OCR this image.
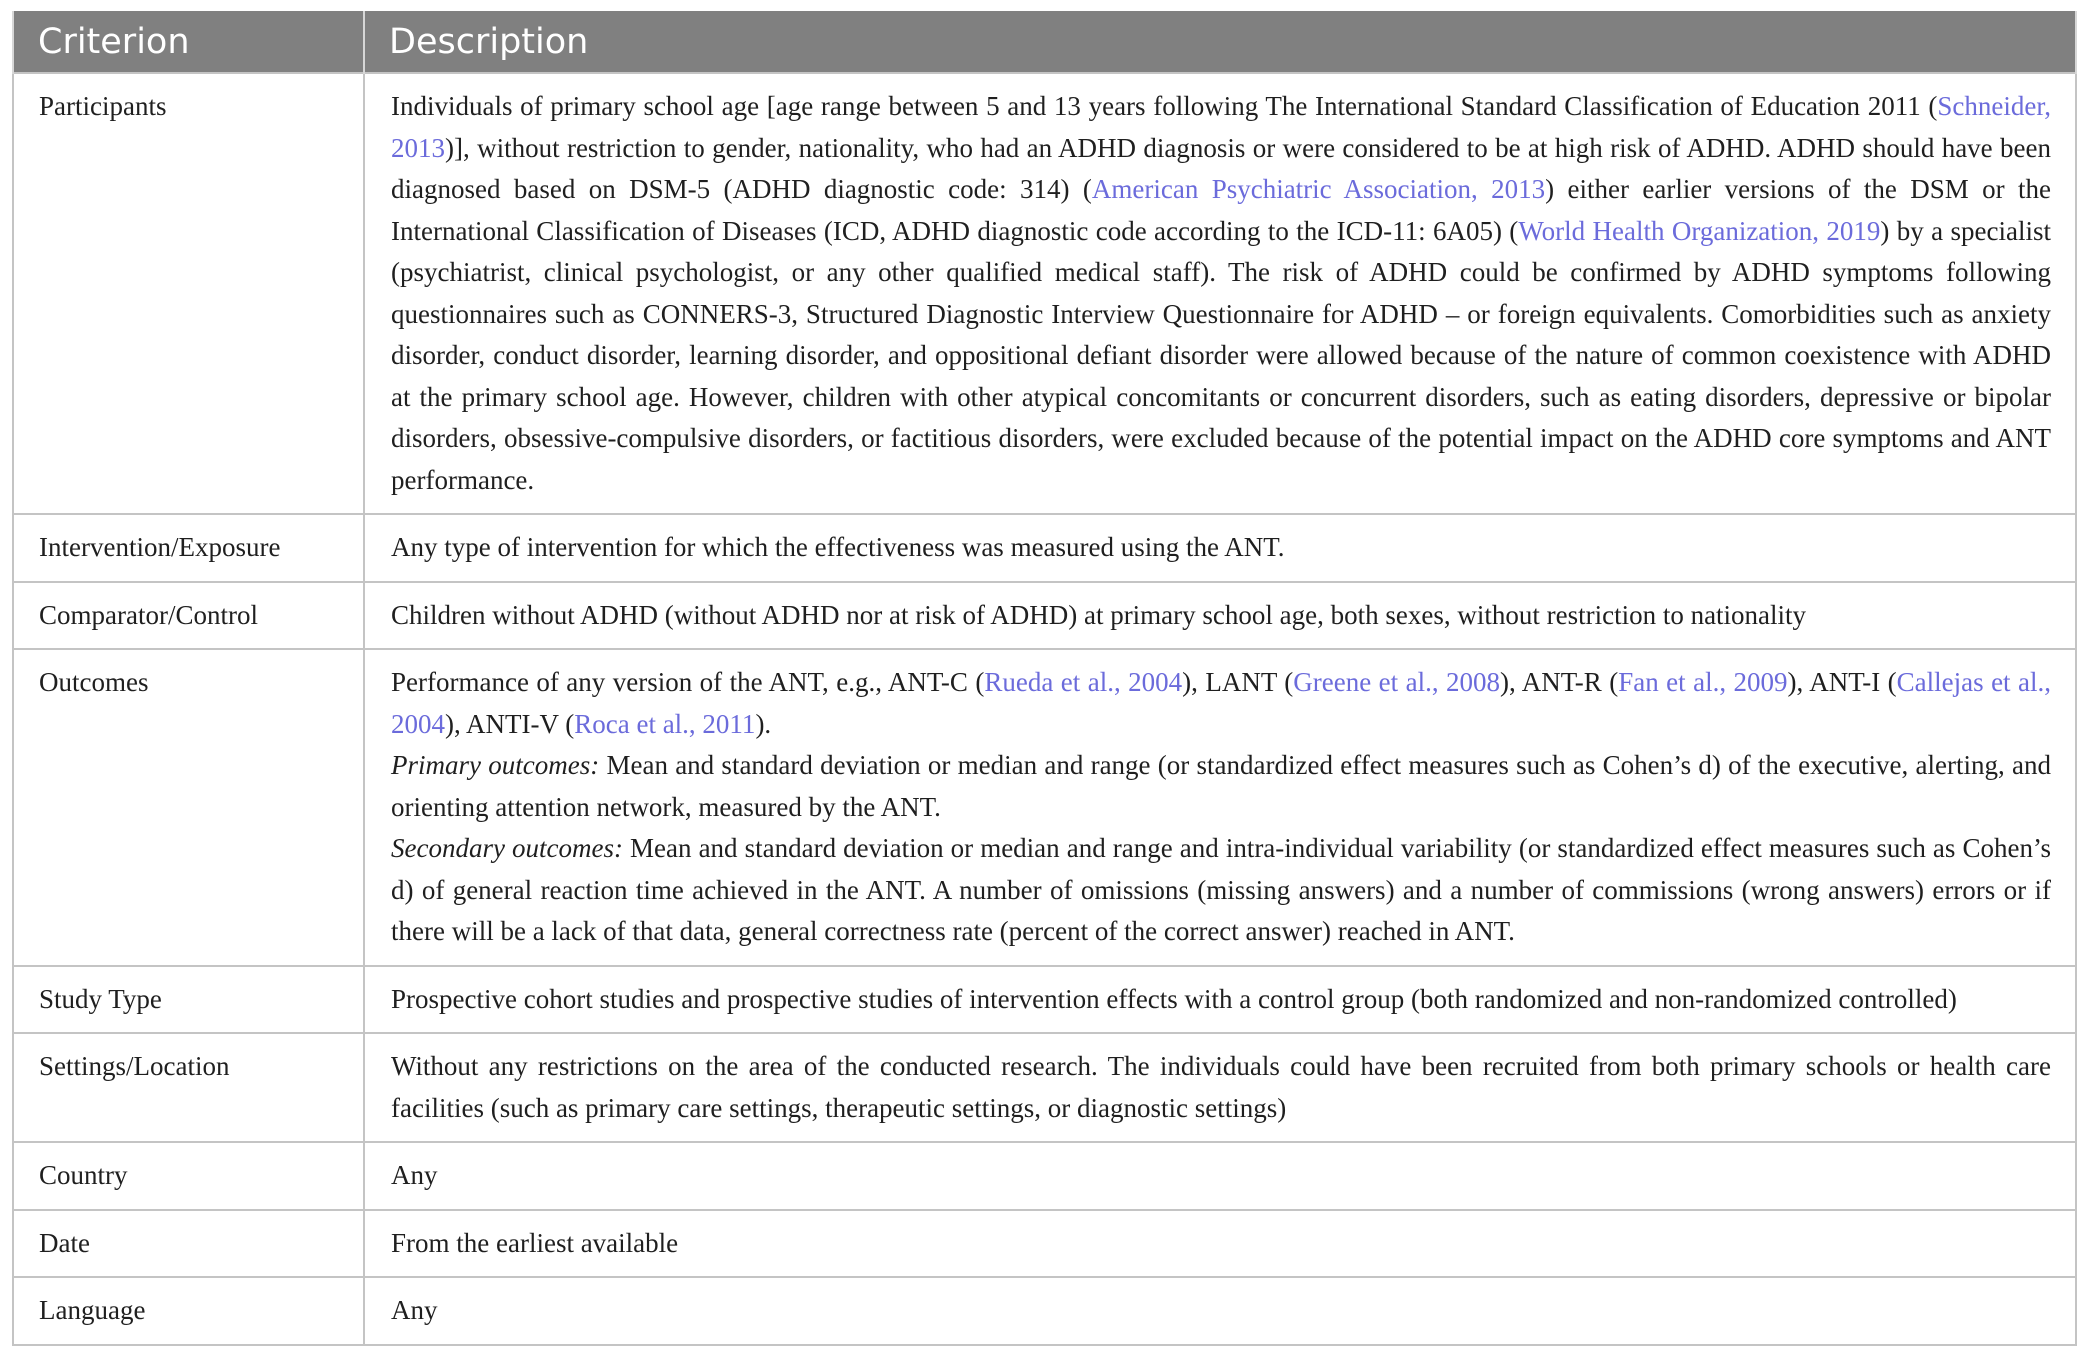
Criterion	Description
Participants	Individuals of primary school age [age range between 5 and 13 years following The International Standard Classification of Education 2011 (Schneider, 2013)], without restriction to gender, nationality, who had an ADHD diagnosis or were considered to be at high risk of ADHD. ADHD should have been diagnosed based on DSM-5 (ADHD diagnostic code: 314) (American Psychiatric Association, 2013) either earlier versions of the DSM or the International Classification of Diseases (ICD, ADHD diagnostic code according to the ICD-11: 6A05) (World Health Organization, 2019) by a specialist (psychiatrist, clinical psychologist, or any other qualified medical staff). The risk of ADHD could be confirmed by ADHD symptoms following questionnaires such as CONNERS-3, Structured Diagnostic Interview Questionnaire for ADHD – or foreign equivalents. Comorbidities such as anxiety disorder, conduct disorder, learning disorder, and oppositional defiant disorder were allowed because of the nature of common coexistence with ADHD at the primary school age. However, children with other atypical concomitants or concurrent disorders, such as eating disorders, depressive or bipolar disorders, obsessive-compulsive disorders, or factitious disorders, were excluded because of the potential impact on the ADHD core symptoms and ANT performance.
Intervention/Exposure	Any type of intervention for which the effectiveness was measured using the ANT.
Comparator/Control	Children without ADHD (without ADHD nor at risk of ADHD) at primary school age, both sexes, without restriction to nationality
Outcomes	Performance of any version of the ANT, e.g., ANT-C (Rueda et al., 2004), LANT (Greene et al., 2008), ANT-R (Fan et al., 2009), ANT-I (Callejas et al., 2004), ANTI-V (Roca et al., 2011).
Primary outcomes: Mean and standard deviation or median and range (or standardized effect measures such as Cohen’s d) of the executive, alerting, and orienting attention network, measured by the ANT.
Secondary outcomes: Mean and standard deviation or median and range and intra-individual variability (or standardized effect measures such as Cohen’s d) of general reaction time achieved in the ANT. A number of omissions (missing answers) and a number of commissions (wrong answers) errors or if there will be a lack of that data, general correctness rate (percent of the correct answer) reached in ANT.

Study Type	Prospective cohort studies and prospective studies of intervention effects with a control group (both randomized and non-randomized controlled)
Settings/Location	Without any restrictions on the area of the conducted research. The individuals could have been recruited from both primary schools or health care facilities (such as primary care settings, therapeutic settings, or diagnostic settings)
Country	Any
Date	From the earliest available
Language	Any
